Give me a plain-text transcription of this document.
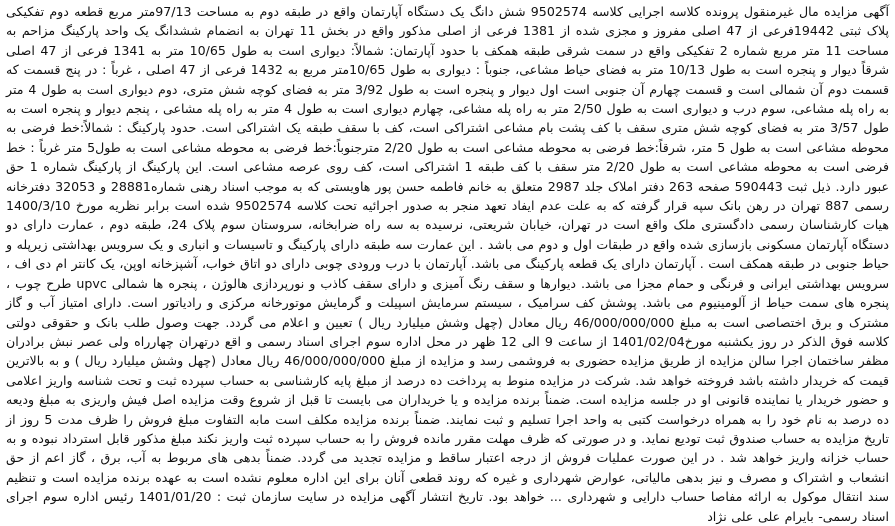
آگهی مزایده مال غیرمنقول پرونده کلاسه اجرایی کلاسه 9502574 شش دانگ یک دستگاه آپارتمان واقع در طبقه دوم به مساحت 97/13متر مربع قطعه دوم تفکیکی پلاک ثبتی 19442فرعی از 47 اصلی مفروز و مجزی شده از 1381 فرعی از اصلی مذکور واقع در بخش 11 تهران به انضمام ششدانگ یک واحد پارکینگ مزاحم به مساحت 11 متر مربع شماره 2 تفکیکی واقع در سمت شرقی طبقه همکف با حدود آپارتمان: شمالاً: دیواری است به طول 10/65 متر به 1341 فرعی از 47 اصلی شرقاً دیوار و پنجره است به طول 10/13 متر به فضای حیاط مشاعی، جنوباً : دیواری به طول 10/65متر مربع به 1432 فرعی از 47 اصلی ، غرباً : در پنج قسمت که قسمت دوم آن شمالی است و قسمت چهارم آن جنوبی است اول دیوار و پنجره است به طول 3/92 متر به فضای کوچه شش متری، دوم دیواری است به طول 4 متر به راه پله مشاعی، سوم درب و دیواری است به طول 2/50 متر به راه پله مشاعی، چهارم دیواری است به طول 4 متر به راه پله مشاعی ، پنجم دیوار و پنجره است به طول 3/57 متر به فضای کوچه شش متری سقف با کف پشت بام مشاعی اشتراکی است، کف با سقف طبقه یک اشتراکی است. حدود پارکینگ : شمالاً:خط فرضی به محوطه مشاعی است به طول 5 متر، شرقاً:خط فرضی به محوطه مشاعی است به طول 2/20 مترجنوباً:خط فرضی به محوطه مشاعی است به طول5 متر غرباً : خط فرضی است به محوطه مشاعی است به طول 2/20 متر سقف با کف طبقه 1 اشتراکی است، کف روی عرصه مشاعی است. این پارکینگ از پارکینگ شماره 1 حق عبور دارد. ذیل ثبت 590443 صفحه 263 دفتر املاک جلد 2987 متعلق به خانم فاطمه حسن پور هاویستی که به موجب اسناد رهنی شماره28881 و 32053 دفترخانه رسمی 887 تهران در رهن بانک سپه قرار گرفته که به علت عدم ایفاد تعهد منجر به صدور اجرائیه تحت کلاسه 9502574 شده است برابر نظریه مورخ 1400/3/10 هیات کارشناسان رسمی دادگستری ملک واقع است در تهران، خیابان شریعتی، نرسیده به سه راه ضرابخانه، سروستان سوم پلاک 24، طبقه دوم ، عمارت دارای دو دستگاه آپارتمان مسکونی بازسازی شده واقع در طبقات اول و دوم می باشد . این عمارت سه طبقه دارای پارکینگ و تاسیسات و انباری و یک سرویس بهداشتی زیرپله و حیاط جنوبی در طبقه همکف است . آپارتمان دارای یک قطعه پارکینگ می باشد. آپارتمان با درب ورودی چوبی دارای دو اتاق خواب، آشپزخانه اوپن، یک کانتر ام دی اف ، سرویس بهداشتی ایرانی و فرنگی و حمام مجزا می باشد. دیوارها و سقف رنگ آمیزی و دارای سقف کاذب و نورپردازی هالوژن ، پنجره ها شمالی upvc طرح چوب ، پنجره های سمت حیاط از آلومینیوم می باشد. پوشش کف سرامیک ، سیستم سرمایش اسپیلت و گرمایش موتورخانه مرکزی و رادیاتور است. دارای امتیاز آب و گاز مشترک و برق اختصاصی است به مبلغ 46/000/000/000 ریال معادل (چهل وشش میلیارد ریال ) تعیین و اعلام می گردد. جهت وصول طلب بانک و حقوقی دولتی کلاسه فوق الذکر در روز یکشنبه مورخ1401/02/04 از ساعت 9 الی 12 ظهر در محل اداره سوم اجرای اسناد رسمی و اقع درتهران چهارراه ولی عصر نبش برادران مظفر ساختمان اجرا سالن مزایده از طریق مزایده حضوری به فروشمی رسد و مزایده از مبلغ 46/000/000/000 ریال معادل (چهل وشش میلیارد ریال ) و به بالاترین قیمت که خریدار داشته باشد فروخته خواهد شد. شرکت در مزایده منوط به پرداخت ده درصد از مبلغ پایه کارشناسی به حساب سپرده ثبت و تحت شناسه واریز اعلامی و حضور خریدار یا نماینده قانونی او در جلسه مزایده است. ضمناً برنده مزایده و یا خریداران می بایست تا قبل از شروع وقت مزایده اصل فیش واریزی به مبلغ ودیعه ده درصد به نام خود را به همراه درخواست کتبی به واحد اجرا تسلیم و ثبت نمایند. ضمناً برنده مزایده مکلف است مابه التفاوت مبلغ فروش را ظرف مدت 5 روز از تاریخ مزایده به حساب صندوق ثبت تودیع نماید. و در صورتی که ظرف مهلت مقرر مانده فروش را به حساب سپرده ثبت واریز نکند مبلغ مذکور قابل استرداد نبوده و به حساب خزانه واریز خواهد شد . در این صورت عملیات فروش از درجه اعتبار ساقط و مزایده تجدید می گردد. ضمناً بدهی های مربوط به آب، برق ، گاز اعم از حق انشعاب و اشتراک و مصرف و نیز بدهی مالیاتی، عوارض شهرداری و غیره که روند قطعی آنان برای این اداره معلوم نشده است به عهده برنده مزایده است و تنظیم سند انتقال موکول به ارائه مفاصا حساب دارایی و شهرداری ... خواهد بود. تاریخ انتشار آگهی مزایده در سایت سازمان ثبت : 1401/01/20 رئیس اداره سوم اجرای اسناد رسمی- بایرام علی علی نژاد
